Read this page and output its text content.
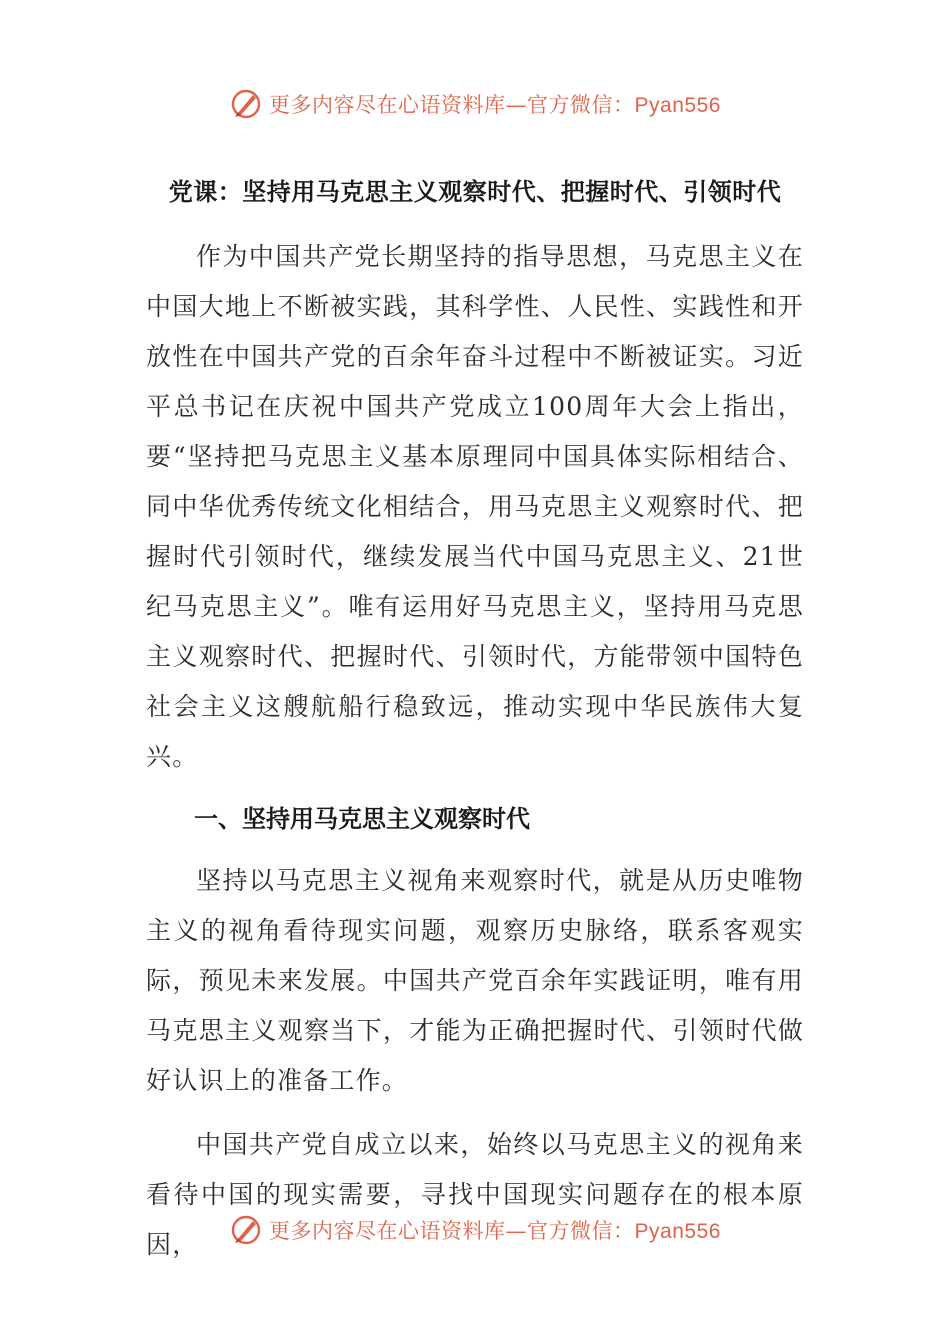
更多内容尽在心语资料库—官方微信：Pyan556
党课：坚持用马克思主义观察时代、把握时代、引领时代

作为中国共产党长期坚持的指导思想，马克思主义在中国大地上不断被实践，其科学性、人民性、实践性和开放性在中国共产党的百余年奋斗过程中不断被证实。习近平总书记在庆祝中国共产党成立100周年大会上指出，要“坚持把马克思主义基本原理同中国具体实际相结合、同中华优秀传统文化相结合，用马克思主义观察时代、把握时代引领时代，继续发展当代中国马克思主义、21世纪马克思主义”。唯有运用好马克思主义，坚持用马克思主义观察时代、把握时代、引领时代，方能带领中国特色社会主义这艘航船行稳致远，推动实现中华民族伟大复兴。

一、坚持用马克思主义观察时代

坚持以马克思主义视角来观察时代，就是从历史唯物主义的视角看待现实问题，观察历史脉络，联系客观实际，预见未来发展。中国共产党百余年实践证明，唯有用马克思主义观察当下，才能为正确把握时代、引领时代做好认识上的准备工作。

中国共产党自成立以来，始终以马克思主义的视角来看待中国的现实需要，寻找中国现实问题存在的根本原因，	更多内容尽在心语资料库—官方微信：Pyan556
